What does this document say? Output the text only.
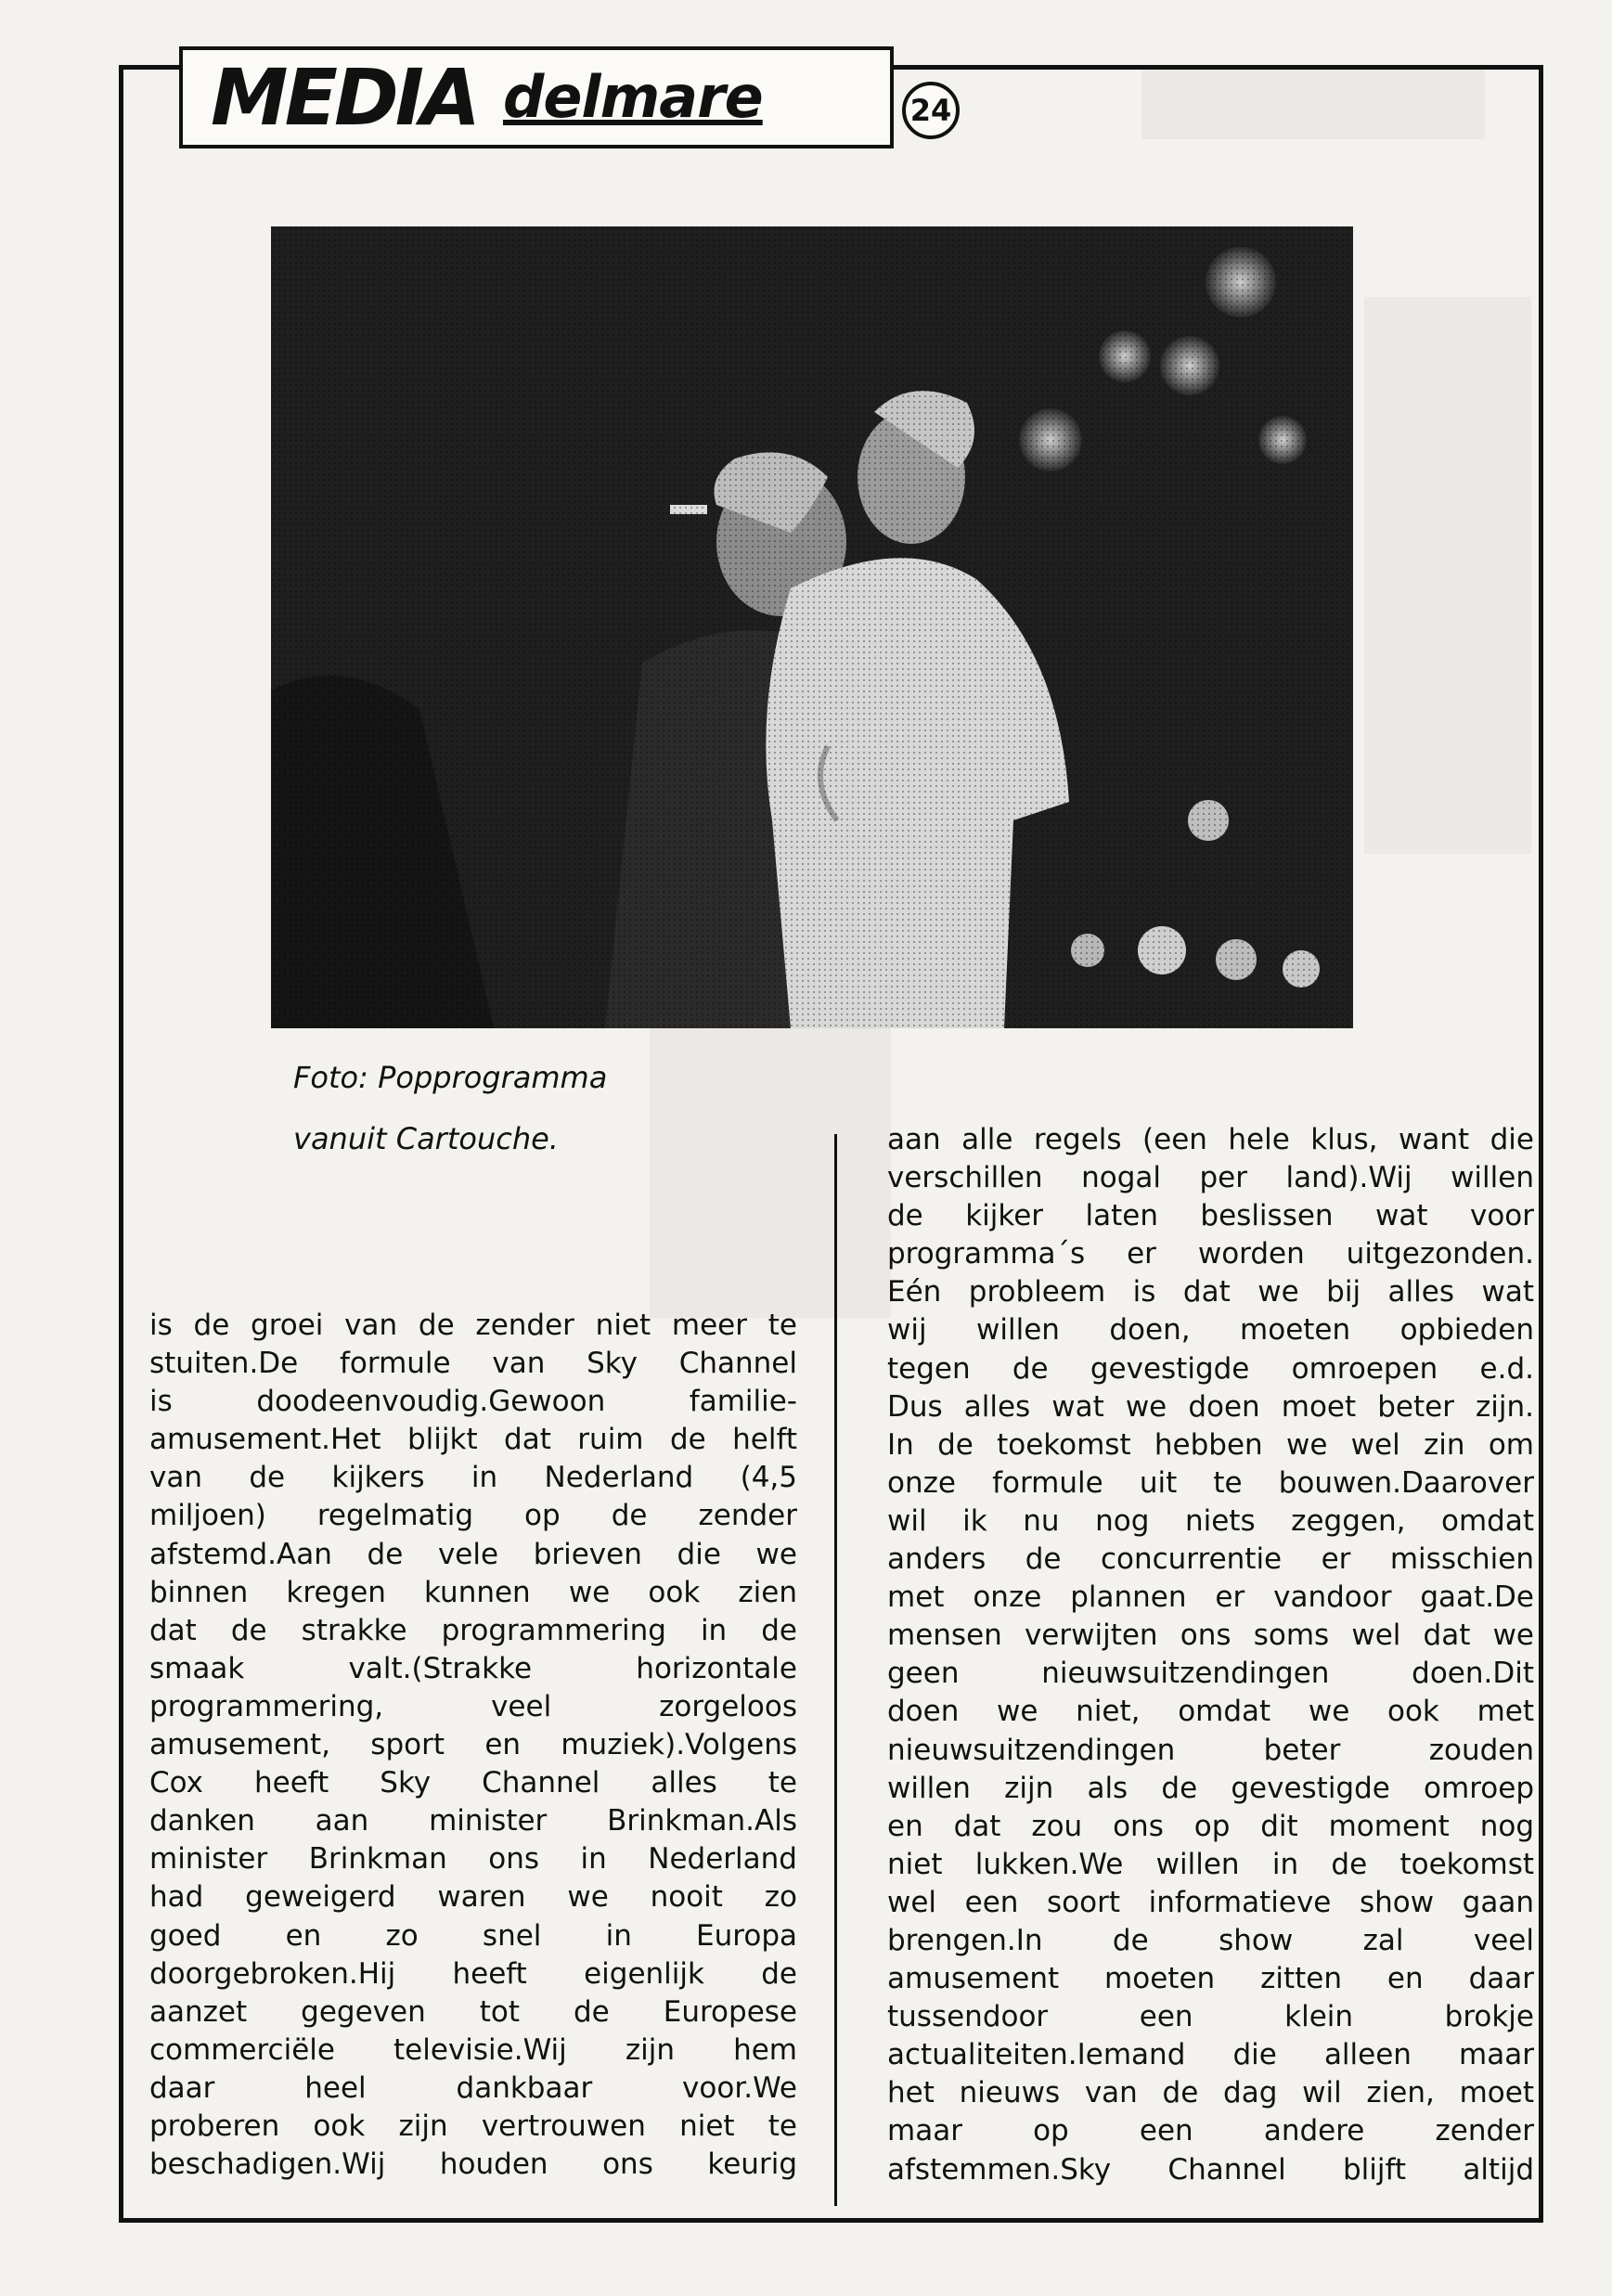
MEDIA delmare	24
Foto: Popprogramma
vanuit Cartouche.
is de groei van de zender niet meer te
stuiten.De formule van Sky Channel
is doodeenvoudig.Gewoon familie-
amusement.Het blijkt dat ruim de helft
van de kijkers in Nederland (4,5
miljoen) regelmatig op de zender
afstemd.Aan de vele brieven die we
binnen kregen kunnen we ook zien
dat de strakke programmering in de
smaak valt.(Strakke horizontale
programmering, veel zorgeloos
amusement, sport en muziek).Volgens
Cox heeft Sky Channel alles te
danken aan minister Brinkman.Als
minister Brinkman ons in Nederland
had geweigerd waren we nooit zo
goed en zo snel in Europa
doorgebroken.Hij heeft eigenlijk de
aanzet gegeven tot de Europese
commerciële televisie.Wij zijn hem
daar heel dankbaar voor.We
proberen ook zijn vertrouwen niet te
beschadigen.Wij houden ons keurig
aan alle regels (een hele klus, want die
verschillen nogal per land).Wij willen
de kijker laten beslissen wat voor
programma´s er worden uitgezonden.
Eén probleem is dat we bij alles wat
wij willen doen, moeten opbieden
tegen de gevestigde omroepen e.d.
Dus alles wat we doen moet beter zijn.
In de toekomst hebben we wel zin om
onze formule uit te bouwen.Daarover
wil ik nu nog niets zeggen, omdat
anders de concurrentie er misschien
met onze plannen er vandoor gaat.De
mensen verwijten ons soms wel dat we
geen nieuwsuitzendingen doen.Dit
doen we niet, omdat we ook met
nieuwsuitzendingen beter zouden
willen zijn als de gevestigde omroep
en dat zou ons op dit moment nog
niet lukken.We willen in de toekomst
wel een soort informatieve show gaan
brengen.In de show zal veel
amusement moeten zitten en daar
tussendoor een klein brokje
actualiteiten.Iemand die alleen maar
het nieuws van de dag wil zien, moet
maar op een andere zender
afstemmen.Sky Channel blijft altijd
